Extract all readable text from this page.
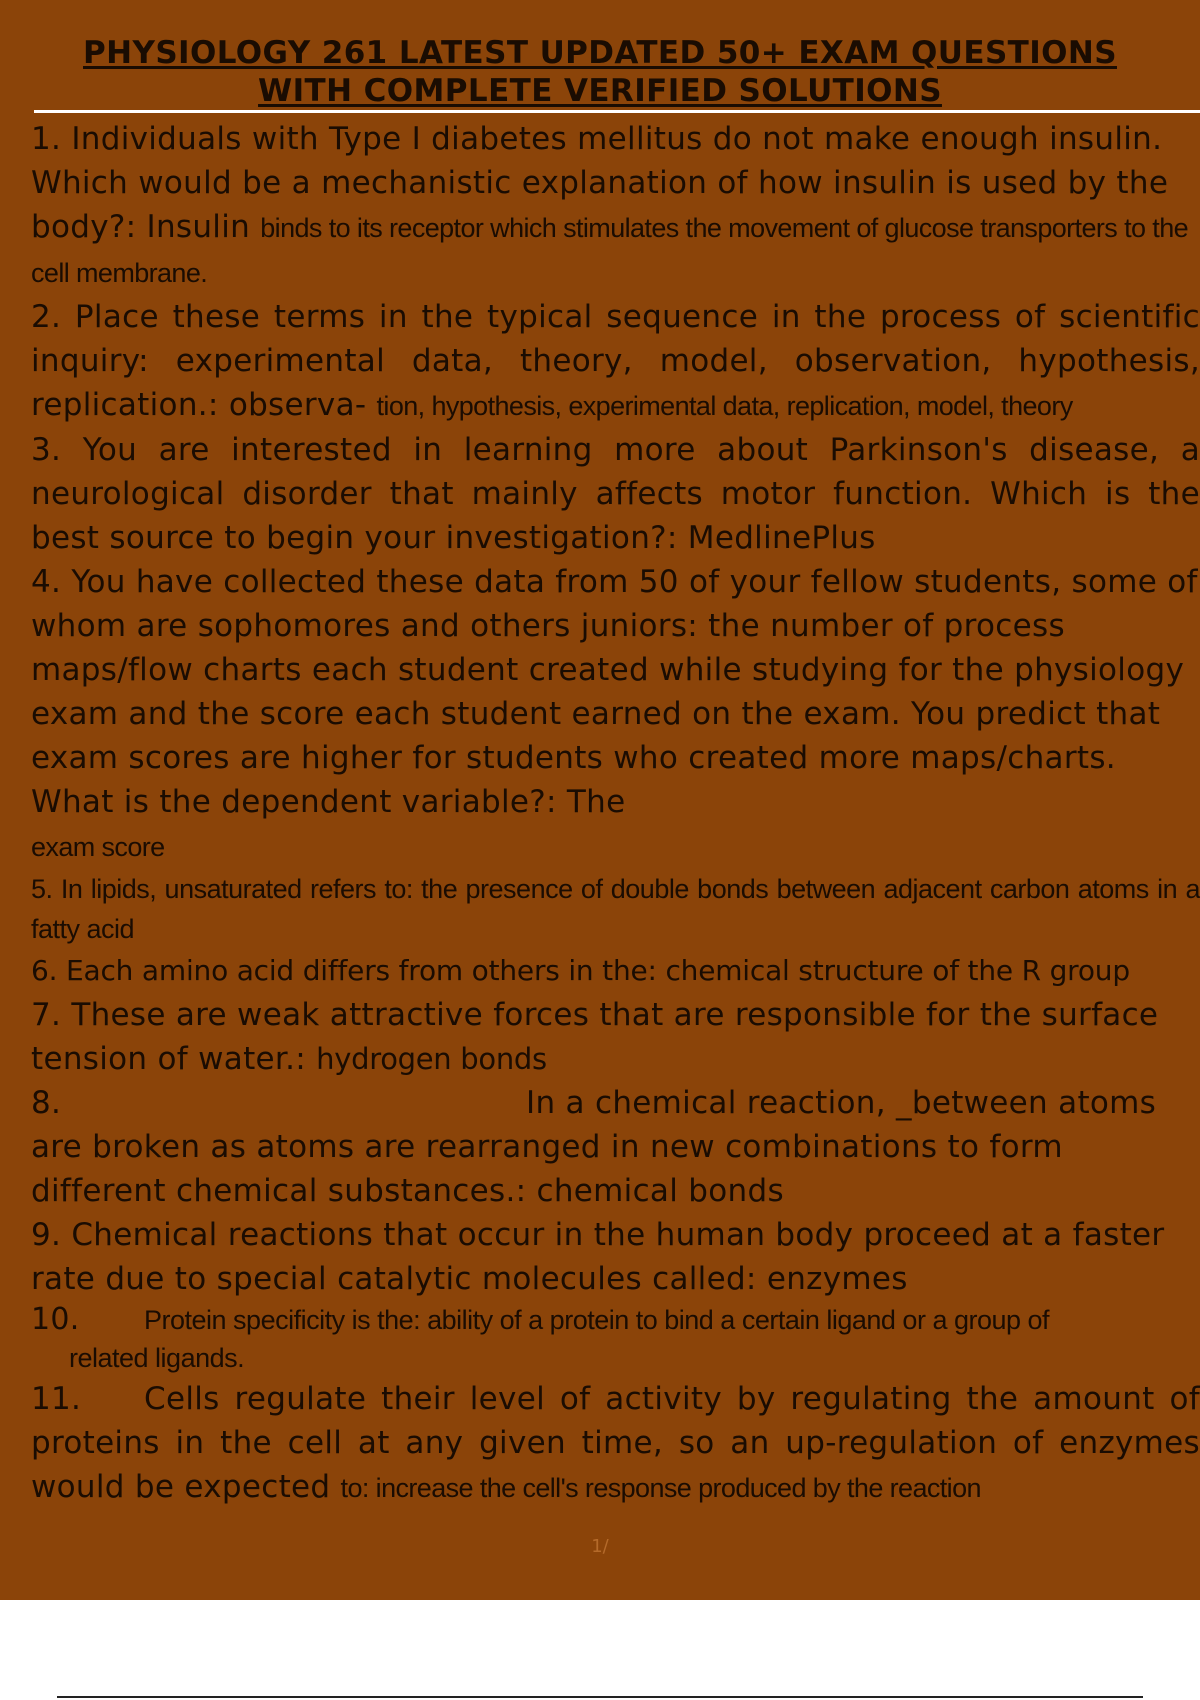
PHYSIOLOGY 261 LATEST UPDATED 50+ EXAM QUESTIONS
WITH COMPLETE VERIFIED SOLUTIONS

1. Individuals with Type I diabetes mellitus do not make enough insulin. Which would be a mechanistic explanation of how insulin is used by the body?: Insulin binds to its receptor which stimulates the movement of glucose transporters to the cell membrane.

2. Place these terms in the typical sequence in the process of scientific inquiry: experimental data, theory, model, observation, hypothesis, replication.: observa- tion, hypothesis, experimental data, replication, model, theory

3. You are interested in learning more about Parkinson's disease, a neurological disorder that mainly affects motor function. Which is the best source to begin your investigation?: MedlinePlus

4. You have collected these data from 50 of your fellow students, some of whom are sophomores and others juniors: the number of process maps/flow charts each student created while studying for the physiology exam and the score each student earned on the exam. You predict that exam scores are higher for students who created more maps/charts. What is the dependent variable?: The
exam score

5. In lipids, unsaturated refers to: the presence of double bonds between adjacent carbon atoms in a fatty acid

6. Each amino acid differs from others in the: chemical structure of the R group

7. These are weak attractive forces that are responsible for the surface tension of water.: hydrogen bonds

8.	In a chemical reaction, _between atoms are broken as atoms are rearranged in new combinations to form different chemical substances.: chemical bonds

9. Chemical reactions that occur in the human body proceed at a faster rate due to special catalytic molecules called: enzymes

10. Protein specificity is the: ability of a protein to bind a certain ligand or a group of
related ligands.

11. Cells regulate their level of activity by regulating the amount of proteins in the cell at any given time, so an up-regulation of enzymes would be expected to: increase the cell's response produced by the reaction

1/
